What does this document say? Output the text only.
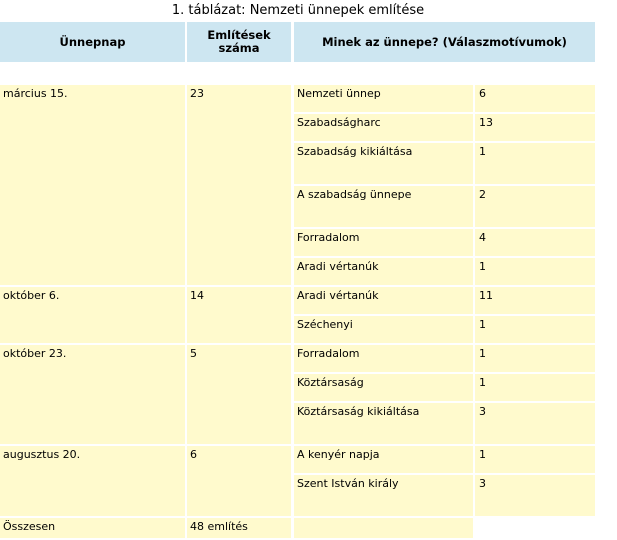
1. táblázat: Nemzeti ünnepek említése
Ünnepnap	Említések száma	Minek az ünnepe? (Válaszmotívumok)
március 15.	23	Nemzeti ünnep	6
Szabadságharc	13
Szabadság kikiáltása	1
A szabadság ünnepe	2
Forradalom	4
Aradi vértanúk	1
október 6.	14	Aradi vértanúk	11
Széchenyi	1
október 23.	5	Forradalom	1
Köztársaság	1
Köztársaság kikiáltása	3
augusztus 20.	6	A kenyér napja	1
Szent István király	3
Összesen	48 említés
